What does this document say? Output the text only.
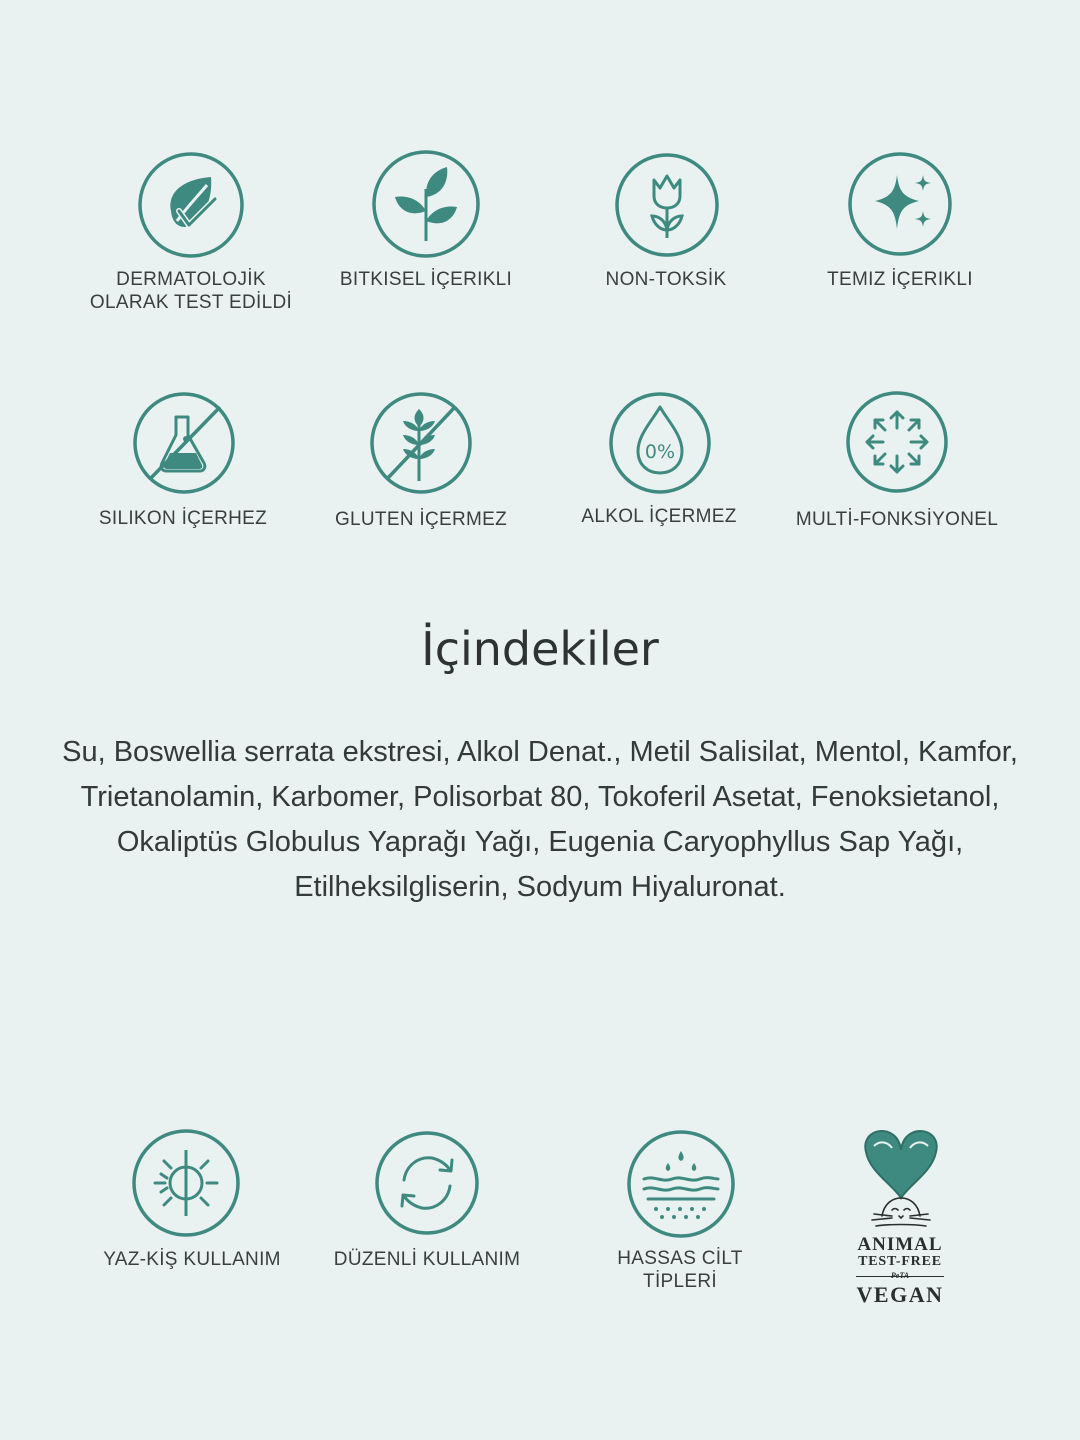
DERMATOLOJİK
OLARAK TEST EDİLDİ
BITKISEL İÇERIKLI	NON-TOKSİK	TEMIZ İÇERIKLI
SILIKON İÇERHEZ	GLUTEN İÇERMEZ
0%
ALKOL İÇERMEZ	MULTİ-FONKSİYONEL
İçindekiler
Su, Boswellia serrata ekstresi, Alkol Denat., Metil Salisilat, Mentol, Kamfor, Trietanolamin, Karbomer, Polisorbat 80, Tokoferil Asetat, Fenoksietanol, Okaliptüs Globulus Yaprağı Yağı, Eugenia Caryophyllus Sap Yağı, Etilheksilgliserin, Sodyum Hiyaluronat.
YAZ-KİŞ KULLANIM	DÜZENLİ KULLANIM	HASSAS CİLT
TİPLERİ
ANIMAL
TEST-FREE
PeTA
VEGAN
